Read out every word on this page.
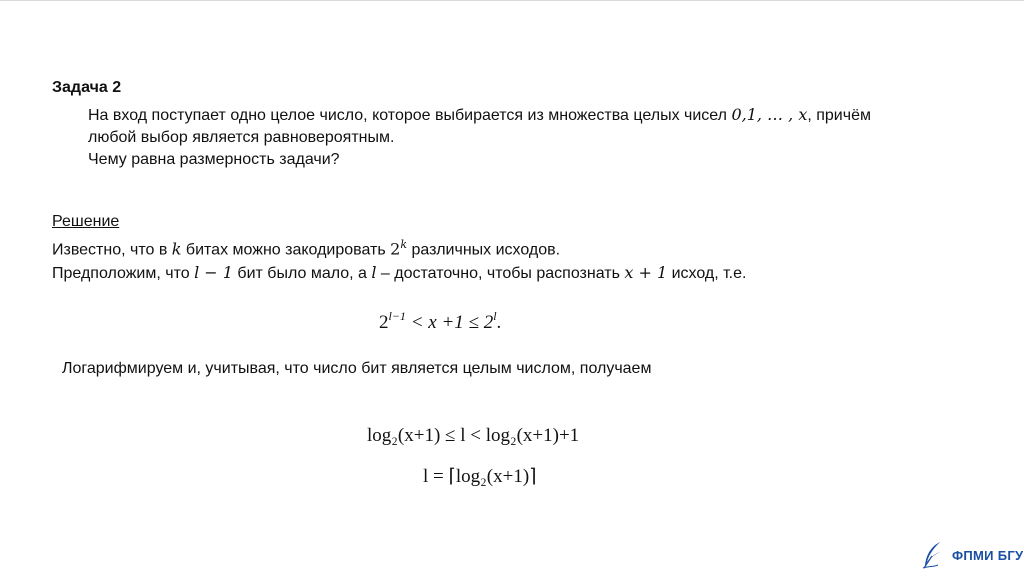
Задача 2
На вход поступает одно целое число, которое выбирается из множества целых чисел 0,1, … , x, причём
любой выбор является равновероятным.
Чему равна размерность задачи?
Решение
Известно, что в k битах можно закодировать 2$^k$ различных исходов.
Предположим, что l − 1 бит было мало, а l – достаточно, чтобы распознать x + 1 исход, т.е.
$2^{l-1} < x +1 \le 2^l$.
Логарифмируем и, учитывая, что число бит является целым числом, получаем
log₂(x+1) ≤ l < log₂(x+1)+1
l = ⌈log₂(x+1)⌉
ФПМИ БГУ
